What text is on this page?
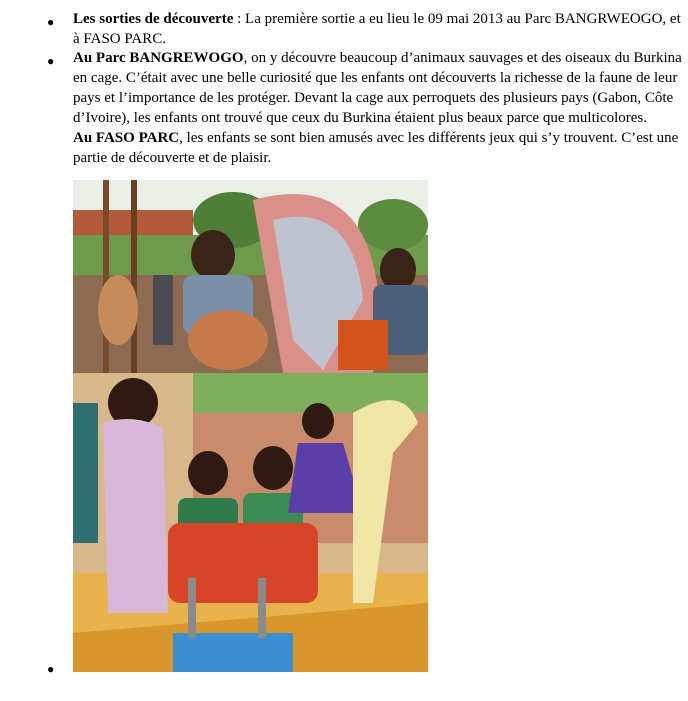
● Les sorties de découverte : La première sortie a eu lieu le 09 mai 2013 au Parc BANGRWEOGO, et à FASO PARC.
● Au Parc BANGREWOGO, on y découvre beaucoup d’animaux sauvages et des oiseaux du Burkina en cage. C’était avec une belle curiosité que les enfants ont découverts la richesse de la faune de leur pays et l’importance de les protéger. Devant la cage aux perroquets des plusieurs pays (Gabon, Côte d’Ivoire), les enfants ont trouvé que ceux du Burkina étaient plus beaux parce que multicolores.
Au FASO PARC, les enfants se sont bien amusés avec les différents jeux qui s’y trouvent. C’est une partie de découverte et de plaisir.
●
